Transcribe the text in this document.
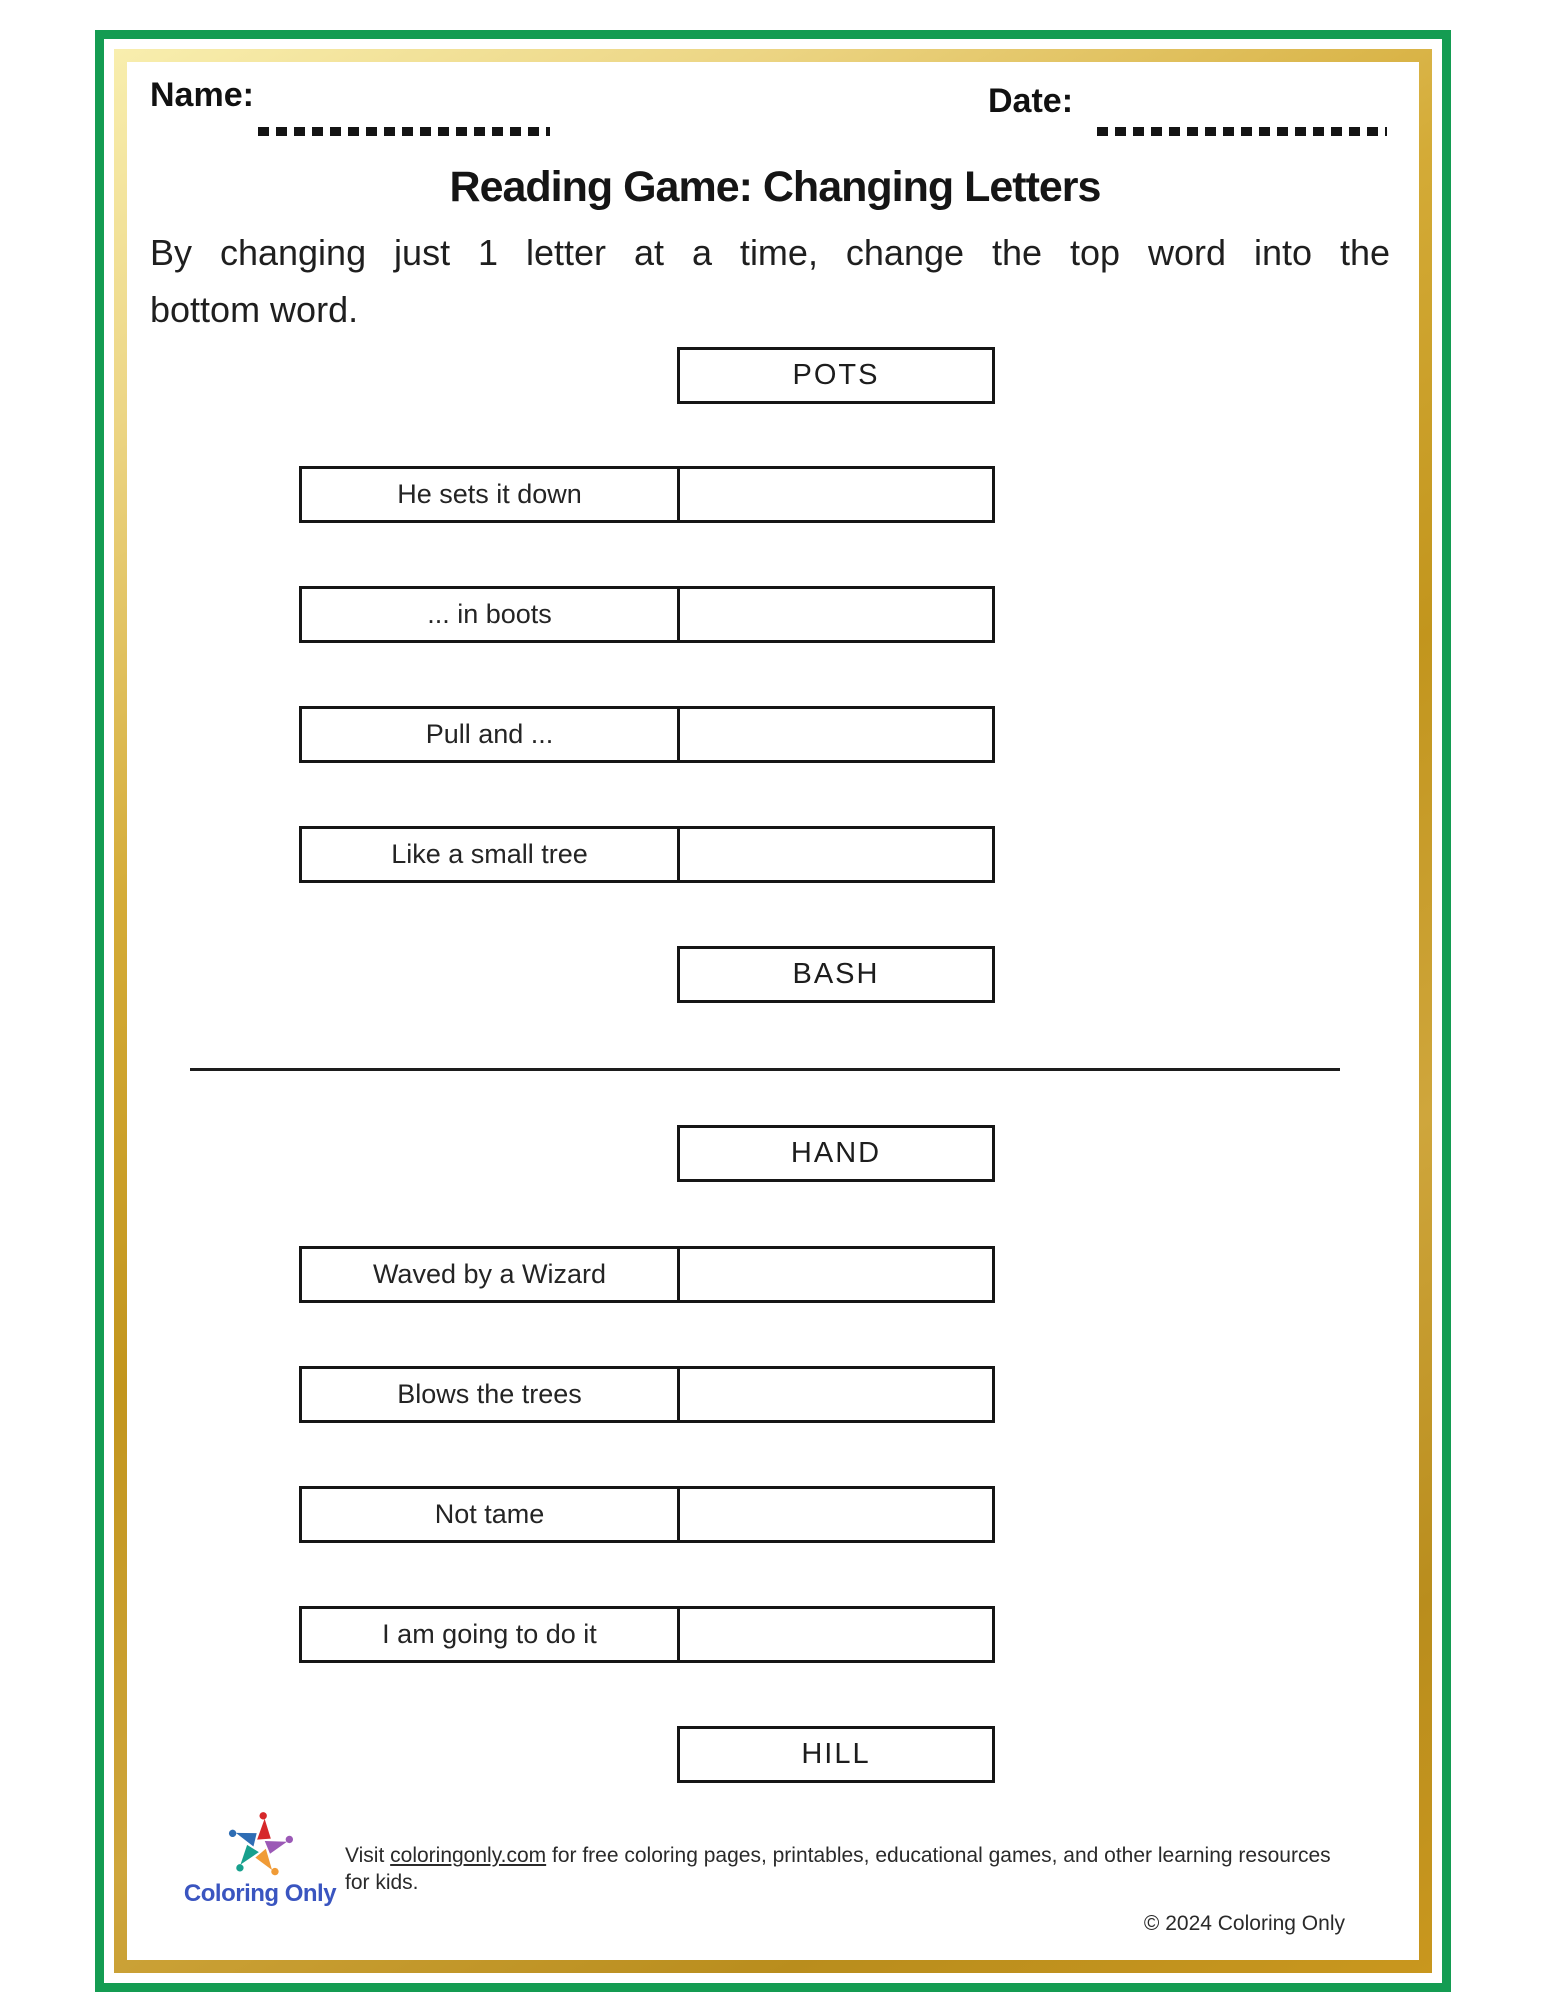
Name:	Date:
Reading Game: Changing Letters
By changing just 1 letter at a time, change the top word into the
bottom word.
POTS
He sets it down
... in boots
Pull and ...
Like a small tree
BASH
HAND
Waved by a Wizard
Blows the trees
Not tame
I am going to do it
HILL
Coloring Only
Visit coloringonly.com for free coloring pages, printables, educational games, and other learning resources for kids.
© 2024 Coloring Only
